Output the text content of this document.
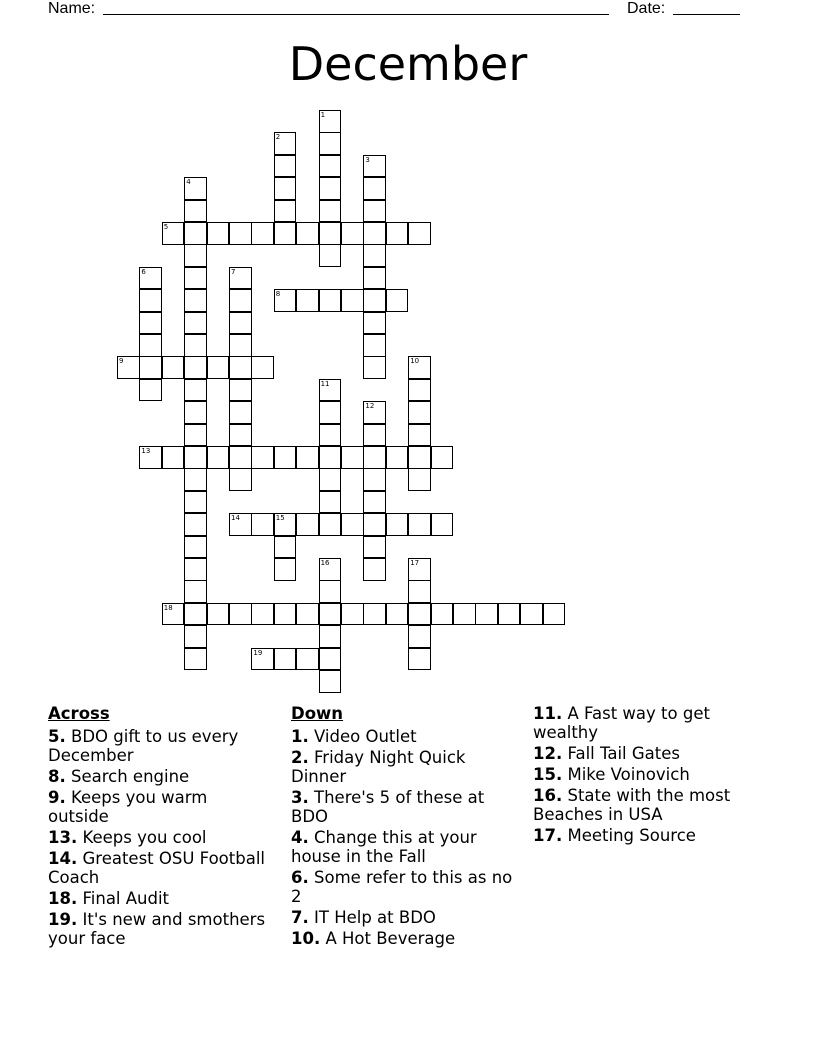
Name:	Date:
December
1
2
3
4
5
6	7
8
9	10
11
12
13
14	15
16	17
18
19
Across
5. BDO gift to us every December
8. Search engine
9. Keeps you warm outside
13. Keeps you cool
14. Greatest OSU Football Coach
18. Final Audit
19. It's new and smothers your face
Down
1. Video Outlet
2. Friday Night Quick Dinner
3. There's 5 of these at BDO
4. Change this at your house in the Fall
6. Some refer to this as no 2
7. IT Help at BDO
10. A Hot Beverage
11. A Fast way to get wealthy
12. Fall Tail Gates
15. Mike Voinovich
16. State with the most Beaches in USA
17. Meeting Source
